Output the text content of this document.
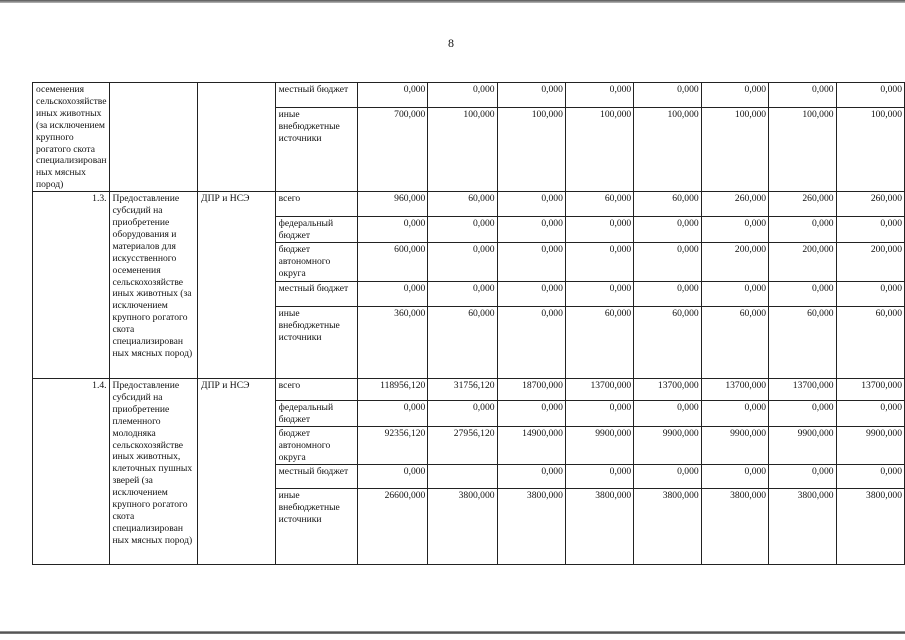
8
осеменения сельскохозяйстве иных животных (за исключением крупного рогатого скота специализирован ных мясных пород)			местный бюджет	0,000	0,000	0,000	0,000	0,000	0,000	0,000	0,000
			иные внебюджетные источники	700,000	100,000	100,000	100,000	100,000	100,000	100,000	100,000
1.3.	Предоставление субсидий на приобретение оборудования и материалов для искусственного осеменения сельскохозяйстве иных животных (за исключением крупного рогатого скота специализирован ных мясных пород)	ДПР и НСЭ	всего	960,000	60,000	0,000	60,000	60,000	260,000	260,000	260,000
			федеральный бюджет	0,000	0,000	0,000	0,000	0,000	0,000	0,000	0,000
			бюджет автономного округа	600,000	0,000	0,000	0,000	0,000	200,000	200,000	200,000
			местный бюджет	0,000	0,000	0,000	0,000	0,000	0,000	0,000	0,000
			иные внебюджетные источники	360,000	60,000	0,000	60,000	60,000	60,000	60,000	60,000
1.4.	Предоставление субсидий на приобретение племенного молодняка сельскохозяйстве иных животных, клеточных пушных зверей (за исключением крупного рогатого скота специализирован ных мясных пород)	ДПР и НСЭ	всего	118956,120	31756,120	18700,000	13700,000	13700,000	13700,000	13700,000	13700,000
			федеральный бюджет	0,000	0,000	0,000	0,000	0,000	0,000	0,000	0,000
			бюджет автономного округа	92356,120	27956,120	14900,000	9900,000	9900,000	9900,000	9900,000	9900,000
			местный бюджет	0,000		0,000	0,000	0,000	0,000	0,000	0,000
			иные внебюджетные источники	26600,000	3800,000	3800,000	3800,000	3800,000	3800,000	3800,000	3800,000
